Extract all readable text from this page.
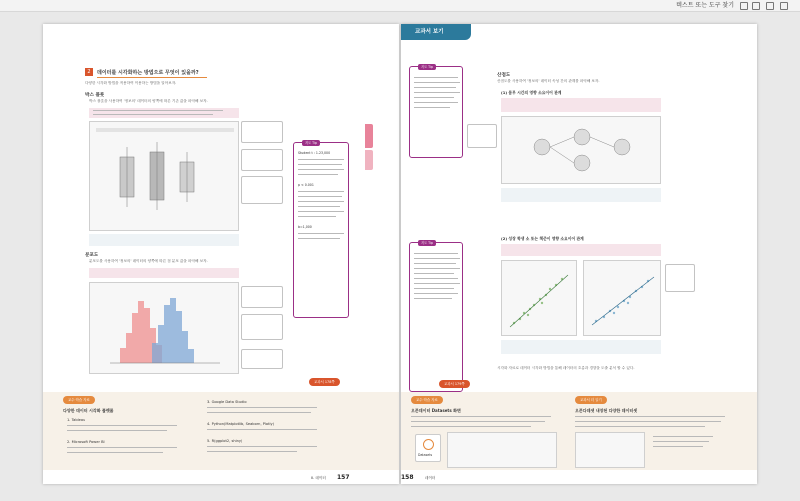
텍스트 또는 도구 찾기
2	데이터를 시각화하는 방법으로 무엇이 있을까?
다양한 시각화 방법을 적용하여 이용하는 방법을 알아보자.
박스 플롯
박스 플롯을 사용하여 '정보의' 데이터의 양쪽에 따른 기존 값을 파악해 보자.
분포도
분포도를 사용하여 '정보의' 데이터의 양쪽에 따른 점 분포 값을 파악해 보자.
지도 Tip
Student t : 1.23,000
p < 0.001
b=1,000
교과서 178쪽
교수·학습 자료
다양한 데이터 시각화 플랫폼
1. Tableau
2. Microsoft Power BI
3. Google Data Studio
4. Python(Matplotlib, Seaborn, Plotly)
5. R(ggplot2, shiny)
II. 데이터 157
교과서 보기
지도 Tip
지도 Tip
산점도
산점도를 사용하여 '정보의' 데이터 속성 간의 관계를 파악해 보자.
(1) 몸무 시간의 영향 소요이어 관계
(2) 성장 학생 소 또는 책준이 영향 소요이어 관계
시각화 자료로 데이터 시각화 방법을 통해 데이터의 흐름과 경향을 도출 분석 할 수 있다.
교과서 179쪽
교수·학습 자료	교과서 더 알기
오픈데이터 Datasets 화면
Datasets
오픈다데셋 내장된 다양한 데이터셋
158	데이터
